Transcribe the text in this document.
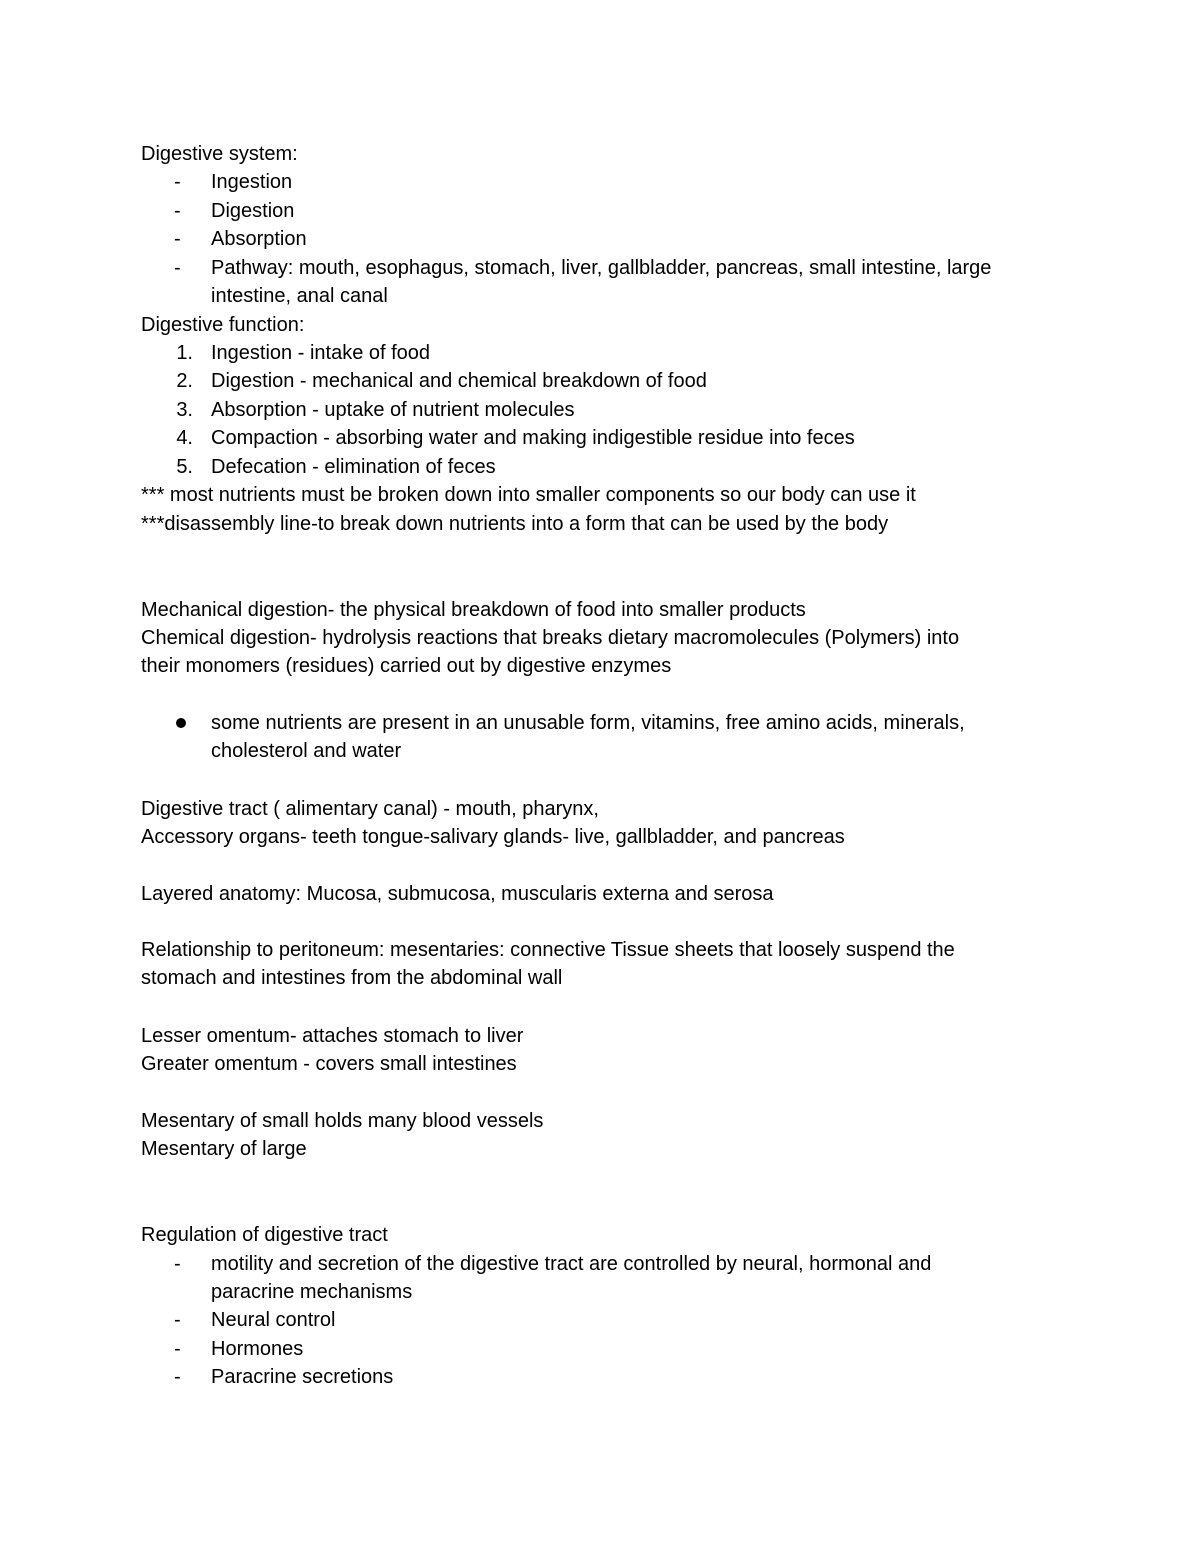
Digestive system:
- Ingestion
- Digestion
- Absorption
- Pathway: mouth, esophagus, stomach, liver, gallbladder, pancreas, small intestine, large
intestine, anal canal
Digestive function:
1. Ingestion - intake of food
2. Digestion - mechanical and chemical breakdown of food
3. Absorption - uptake of nutrient molecules
4. Compaction - absorbing water and making indigestible residue into feces
5. Defecation - elimination of feces
*** most nutrients must be broken down into smaller components so our body can use it
***disassembly line-to break down nutrients into a form that can be used by the body
Mechanical digestion- the physical breakdown of food into smaller products
Chemical digestion- hydrolysis reactions that breaks dietary macromolecules (Polymers) into
their monomers (residues) carried out by digestive enzymes
some nutrients are present in an unusable form, vitamins, free amino acids, minerals,
cholesterol and water
Digestive tract ( alimentary canal) - mouth, pharynx,
Accessory organs- teeth tongue-salivary glands- live, gallbladder, and pancreas
Layered anatomy: Mucosa, submucosa, muscularis externa and serosa
Relationship to peritoneum: mesentaries: connective Tissue sheets that loosely suspend the
stomach and intestines from the abdominal wall
Lesser omentum- attaches stomach to liver
Greater omentum - covers small intestines
Mesentary of small holds many blood vessels
Mesentary of large
Regulation of digestive tract
- motility and secretion of the digestive tract are controlled by neural, hormonal and
paracrine mechanisms
- Neural control
- Hormones
- Paracrine secretions
